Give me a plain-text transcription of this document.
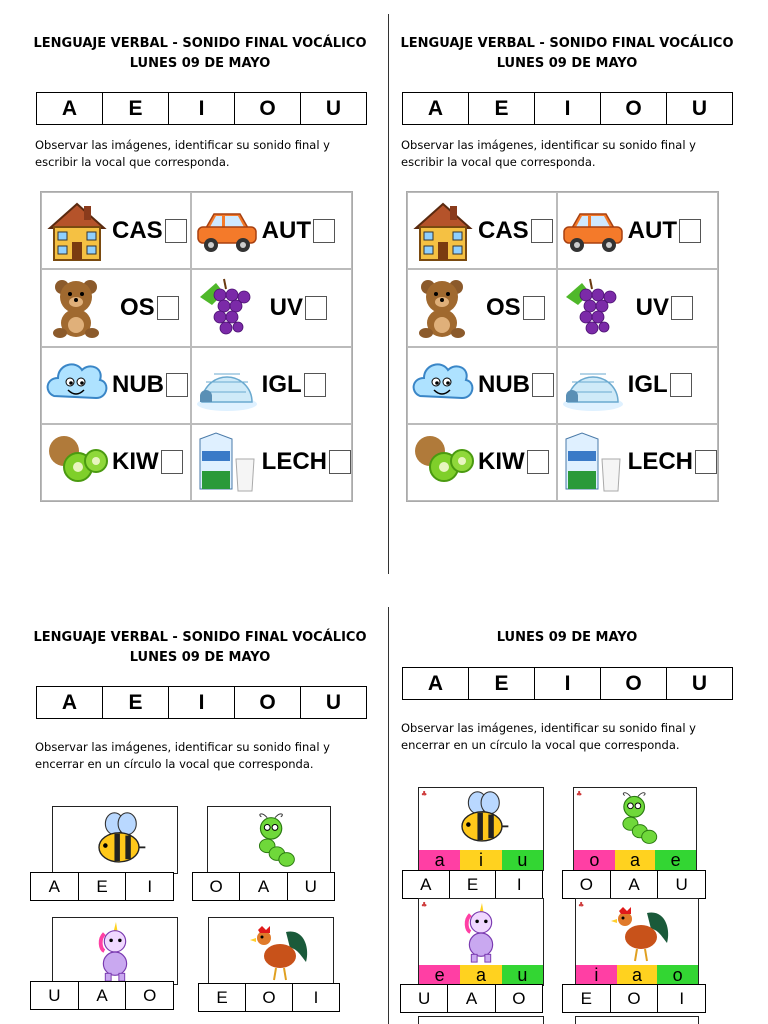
LENGUAJE VERBAL - SONIDO FINAL VOCÁLICO
LUNES 09 DE MAYO
A	E	I	O	U
Observar las imágenes, identificar su sonido final y escribir la vocal que corresponda.
CAS	AUT
OS	UV
NUB	IGL
KIW	LECH
LENGUAJE VERBAL - SONIDO FINAL VOCÁLICO
LUNES 09 DE MAYO
A	E	I	O	U
Observar las imágenes, identificar su sonido final y escribir la vocal que corresponda.
CAS	AUT
OS	UV
NUB	IGL
KIW	LECH
LENGUAJE VERBAL - SONIDO FINAL VOCÁLICO
LUNES 09 DE MAYO
A	E	I	O	U
Observar las imágenes, identificar su sonido final y encerrar en un círculo la vocal que corresponda.
A	E	I	O	A	U
U	A	O	E	O	I
LUNES 09 DE MAYO
A	E	I	O	U
Observar las imágenes, identificar su sonido final y encerrar en un círculo la vocal que corresponda.
♣
a	i	u
A	E	I
♣
o	a	e
O	A	U
♣
e	a	u
U	A	O
♣
i	a	o
E	O	I
